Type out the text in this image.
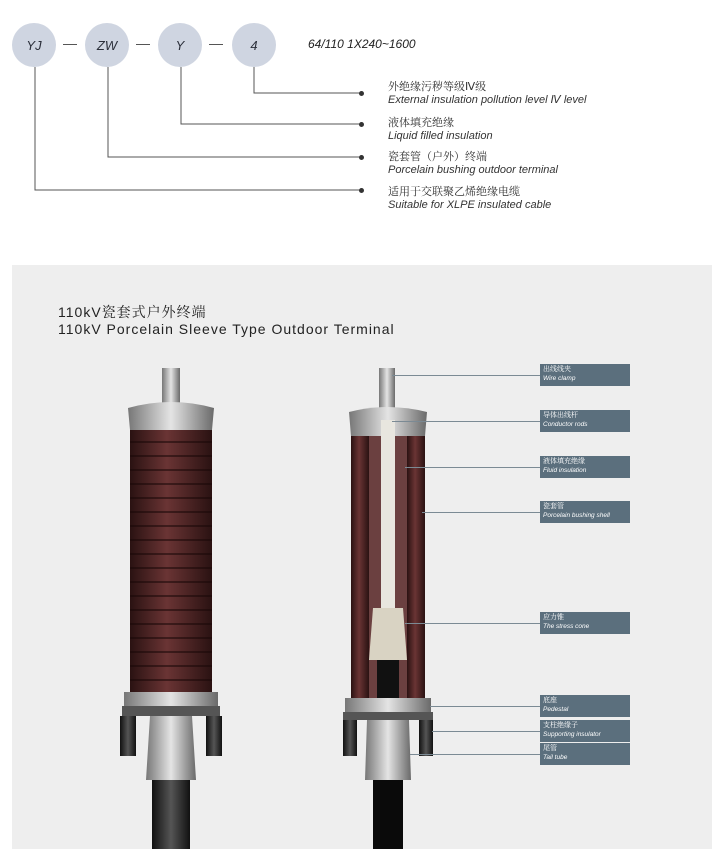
YJ	ZW	Y	4	64/110 1X240~1600
外绝缘污秽等级Ⅳ级
External insulation pollution level Ⅳ level
液体填充绝缘
Liquid filled insulation
瓷套管（户外）终端
Porcelain bushing outdoor terminal
适用于交联聚乙烯绝缘电缆
Suitable for XLPE insulated cable
110kV瓷套式户外终端
110kV Porcelain Sleeve Type Outdoor Terminal
出线线夹
Wire clamp
导体出线杆
Conductor rods
液体填充绝缘
Fluid insulation
瓷套管
Porcelain bushing shell
应力锥
The stress cone
底座
Pedestal
支柱绝缘子
Supporting insulator
尾管
Tail tube
